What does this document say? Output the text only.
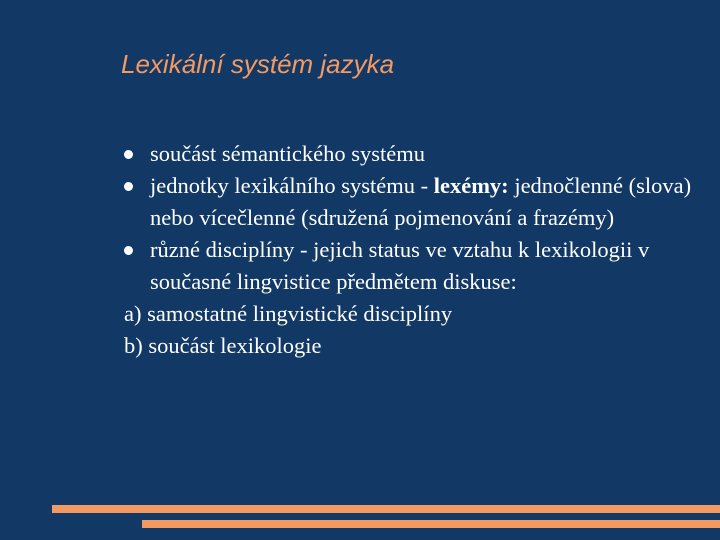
Lexikální systém jazyka
součást sémantického systému
jednotky lexikálního systému - lexémy: jednočlenné (slova) nebo vícečlenné (sdružená pojmenování a frazémy)
různé disciplíny - jejich status ve vztahu k lexikologii v současné lingvistice předmětem diskuse:
a) samostatné lingvistické disciplíny
b) součást lexikologie
